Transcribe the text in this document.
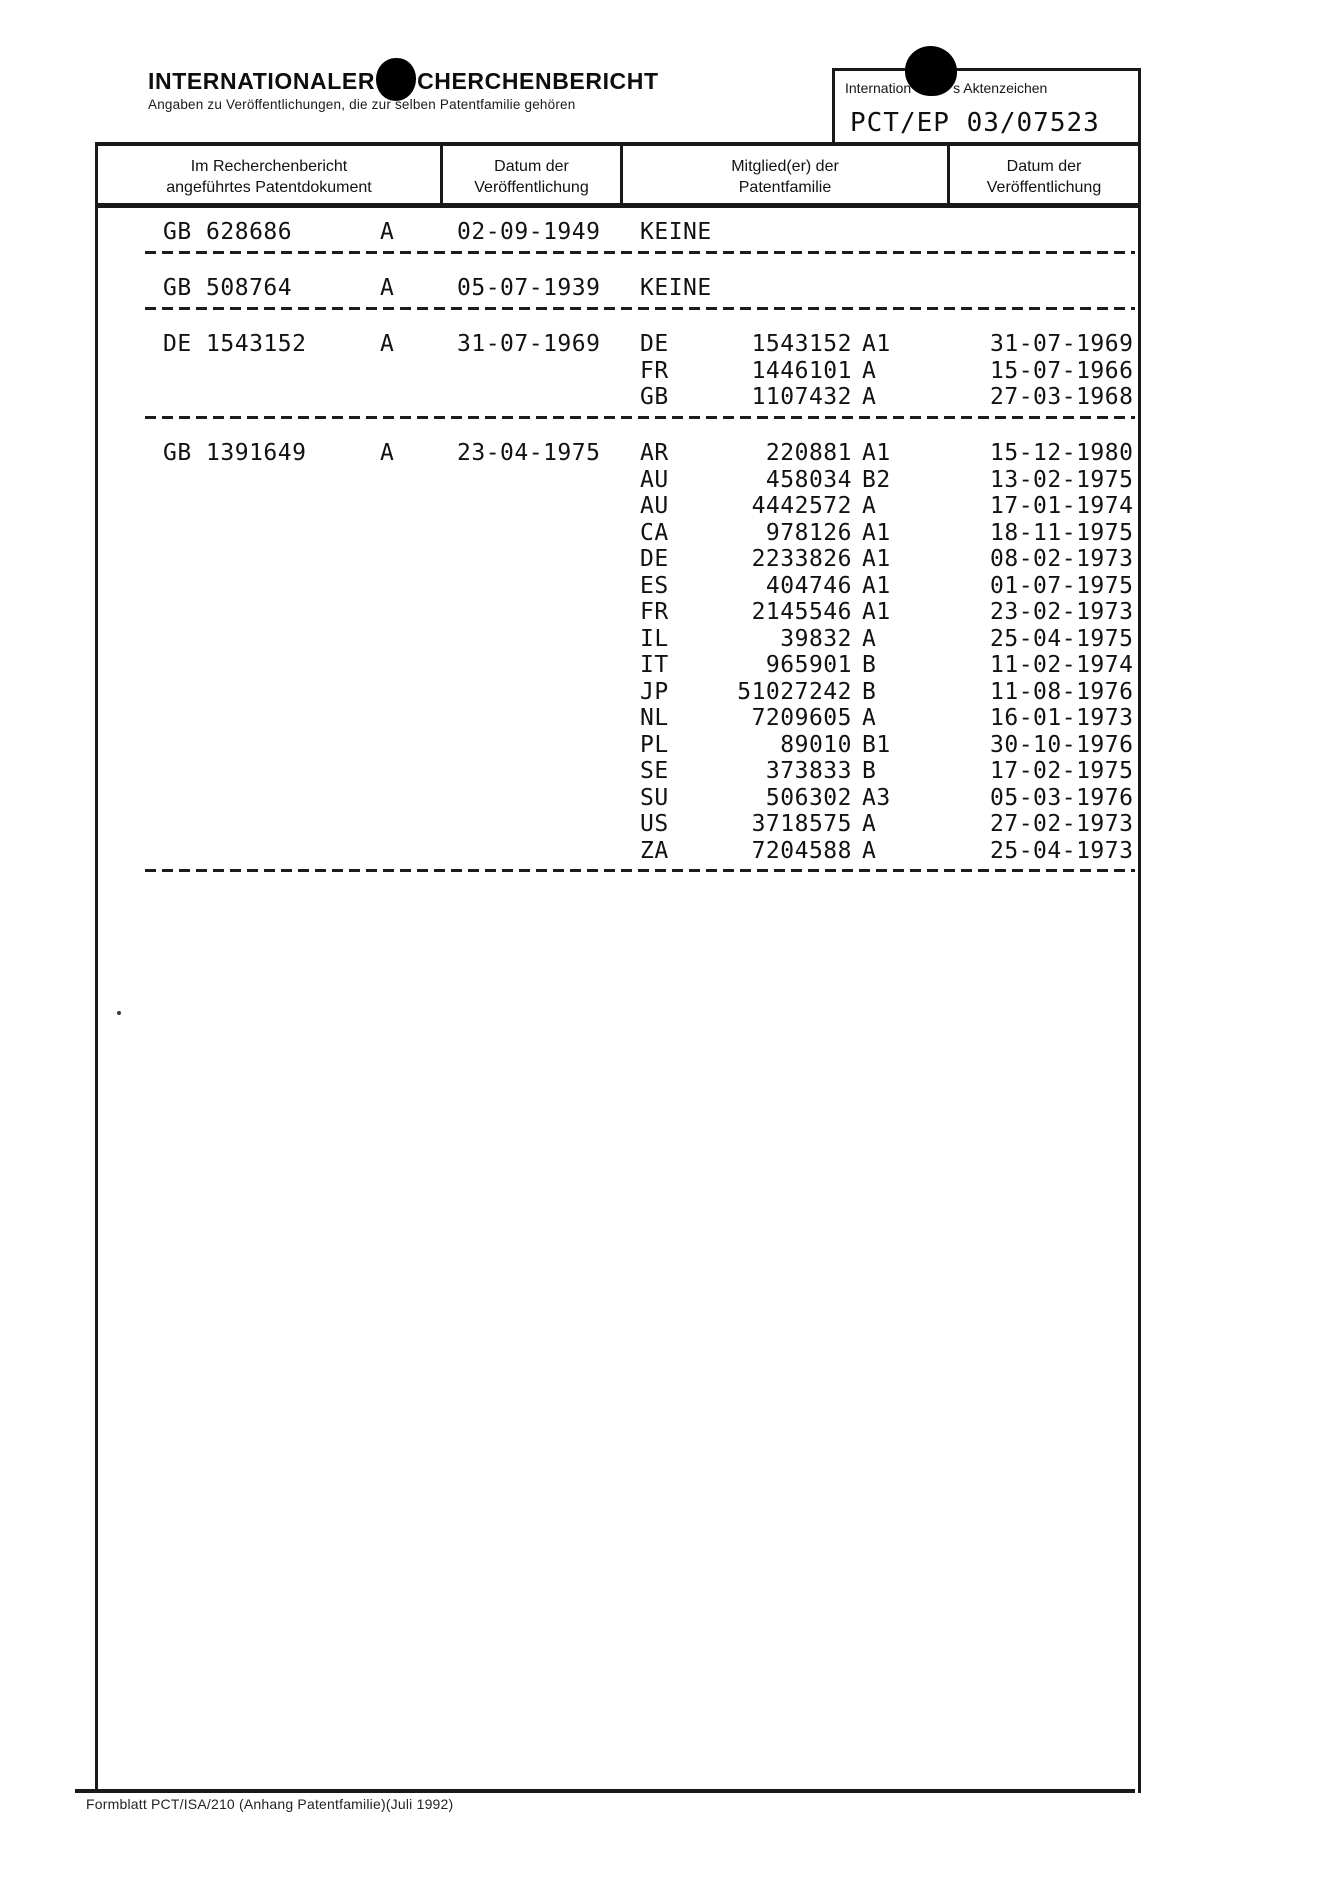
INTERNATIONALER CHERCHENBERICHT
Angaben zu Veröffentlichungen, die zur selben Patentfamilie gehören
Internation	s Aktenzeichen
PCT/EP 03/07523
Im Recherchenbericht
angeführtes Patentdokument
Datum der
Veröffentlichung
Mitglied(er) der
Patentfamilie
Datum der
Veröffentlichung
GB 628686	A	02-09-1949 KEINE
GB 508764	A	05-07-1939 KEINE
DE 1543152	A	31-07-1969 DE	1543152 A1	31-07-1969
FR	1446101 A	15-07-1966
GB	1107432 A	27-03-1968
GB 1391649	A	23-04-1975 AR	220881 A1	15-12-1980
AU	458034 B2	13-02-1975
AU	4442572 A	17-01-1974
CA	978126 A1	18-11-1975
DE	2233826 A1	08-02-1973
ES	404746 A1	01-07-1975
FR	2145546 A1	23-02-1973
IL	39832 A	25-04-1975
IT	965901 B	11-02-1974
JP	51027242 B	11-08-1976
NL	7209605 A	16-01-1973
PL	89010 B1	30-10-1976
SE	373833 B	17-02-1975
SU	506302 A3	05-03-1976
US	3718575 A	27-02-1973
ZA	7204588 A	25-04-1973
Formblatt PCT/ISA/210 (Anhang Patentfamilie)(Juli 1992)
